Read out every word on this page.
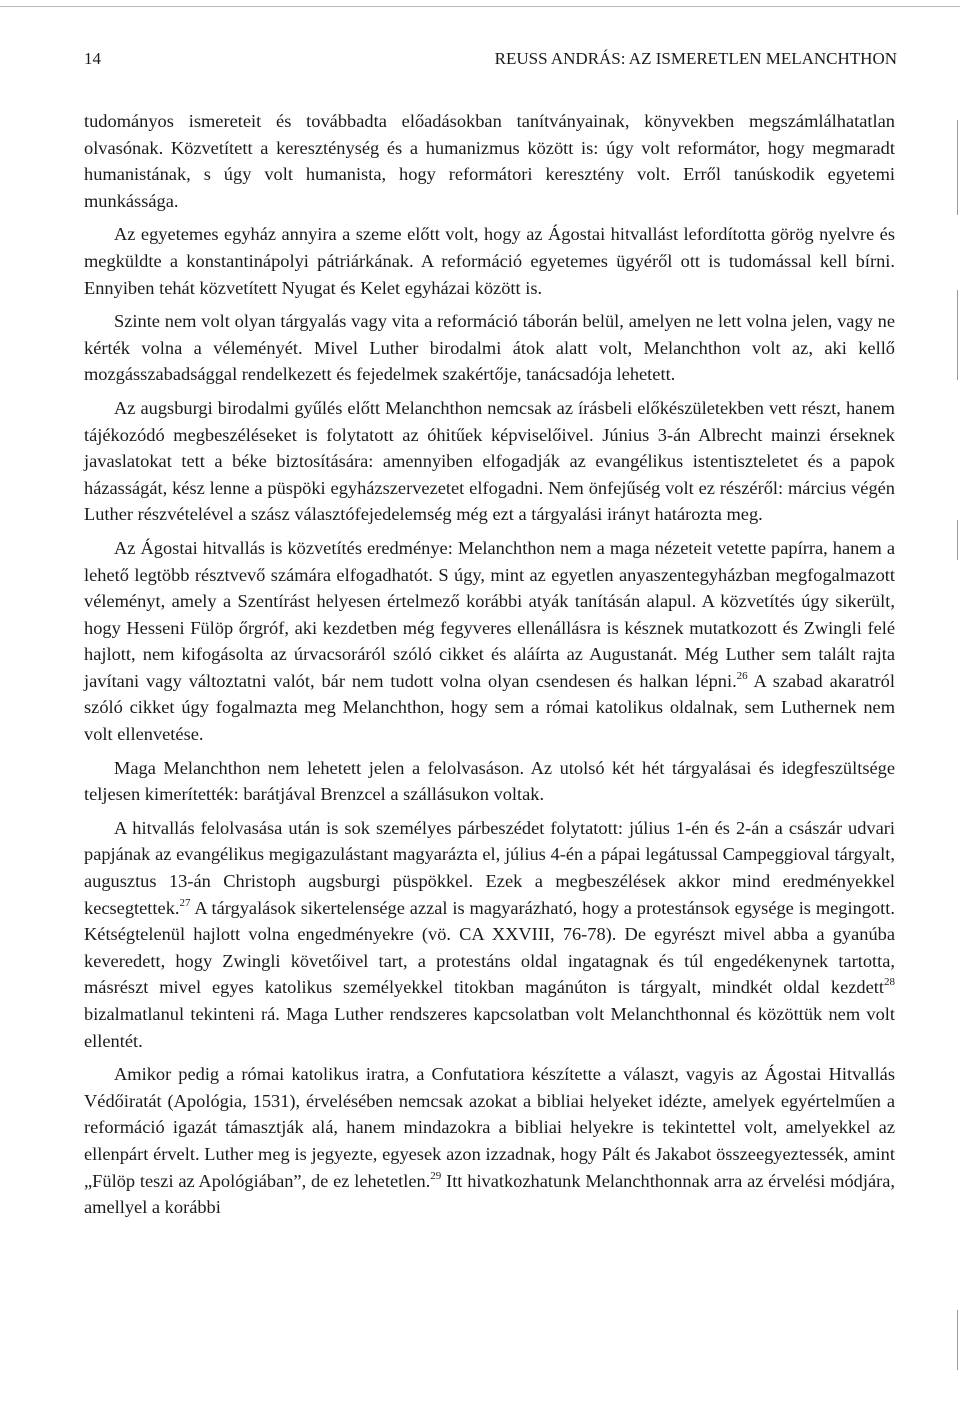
14	REUSS ANDRÁS: AZ ISMERETLEN MELANCHTHON

tudományos ismereteit és továbbadta előadásokban tanítványainak, könyvekben megszámlálhatatlan olvasónak. Közvetített a kereszténység és a humanizmus között is: úgy volt reformátor, hogy megmaradt humanistának, s úgy volt humanista, hogy reformátori keresztény volt. Erről tanúskodik egyetemi munkássága.

Az egyetemes egyház annyira a szeme előtt volt, hogy az Ágostai hitvallást lefordította görög nyelvre és megküldte a konstantinápolyi pátriárkának. A reformáció egyetemes ügyéről ott is tudomással kell bírni. Ennyiben tehát közvetített Nyugat és Kelet egyházai között is.

Szinte nem volt olyan tárgyalás vagy vita a reformáció táborán belül, amelyen ne lett volna jelen, vagy ne kérték volna a véleményét. Mivel Luther birodalmi átok alatt volt, Melanchthon volt az, aki kellő mozgásszabadsággal rendelkezett és fejedelmek szakértője, tanácsadója lehetett.

Az augsburgi birodalmi gyűlés előtt Melanchthon nemcsak az írásbeli előkészületekben vett részt, hanem tájékozódó megbeszéléseket is folytatott az óhitűek képviselőivel. Június 3-án Albrecht mainzi érseknek javaslatokat tett a béke biztosítására: amennyiben elfogadják az evangélikus istentiszteletet és a papok házasságát, kész lenne a püspöki egyházszervezetet elfogadni. Nem önfejűség volt ez részéről: március végén Luther részvételével a szász választófejedelemség még ezt a tárgyalási irányt határozta meg.

Az Ágostai hitvallás is közvetítés eredménye: Melanchthon nem a maga nézeteit vetette papírra, hanem a lehető legtöbb résztvevő számára elfogadhatót. S úgy, mint az egyetlen anyaszentegyházban megfogalmazott véleményt, amely a Szentírást helyesen értelmező korábbi atyák tanításán alapul. A közvetítés úgy sikerült, hogy Hesseni Fülöp őrgróf, aki kezdetben még fegyveres ellenállásra is késznek mutatkozott és Zwingli felé hajlott, nem kifogásolta az úrvacsoráról szóló cikket és aláírta az Augustanát. Még Luther sem talált rajta javítani vagy változtatni valót, bár nem tudott volna olyan csendesen és halkan lépni.$^{26}$ A szabad akaratról szóló cikket úgy fogalmazta meg Melanchthon, hogy sem a római katolikus oldalnak, sem Luthernek nem volt ellenvetése.

Maga Melanchthon nem lehetett jelen a felolvasáson. Az utolsó két hét tárgyalásai és idegfeszültsége teljesen kimerítették: barátjával Brenzcel a szállásukon voltak.

A hitvallás felolvasása után is sok személyes párbeszédet folytatott: július 1-én és 2-án a császár udvari papjának az evangélikus megigazulástant magyarázta el, július 4-én a pápai legátussal Campeggioval tárgyalt, augusztus 13-án Christoph augsburgi püspökkel. Ezek a megbeszélések akkor mind eredményekkel kecsegtettek.$^{27}$ A tárgyalások sikertelensége azzal is magyarázható, hogy a protestánsok egysége is megingott. Kétségtelenül hajlott volna engedményekre (vö. CA XXVIII, 76-78). De egyrészt mivel abba a gyanúba keveredett, hogy Zwingli követőivel tart, a protestáns oldal ingatagnak és túl engedékenynek tartotta, másrészt mivel egyes katolikus személyekkel titokban magánúton is tárgyalt, mindkét oldal kezdett$^{28}$ bizalmatlanul tekinteni rá. Maga Luther rendszeres kapcsolatban volt Melanchthonnal és közöttük nem volt ellentét.

Amikor pedig a római katolikus iratra, a Confutatiora készítette a választ, vagyis az Ágostai Hitvallás Védőiratát (Apológia, 1531), érvelésében nemcsak azokat a bibliai helyeket idézte, amelyek egyértelműen a reformáció igazát támasztják alá, hanem mindazokra a bibliai helyekre is tekintettel volt, amelyekkel az ellenpárt érvelt. Luther meg is jegyezte, egyesek azon izzadnak, hogy Pált és Jakabot összeegyeztessék, amint „Fülöp teszi az Apológiában”, de ez lehetetlen.$^{29}$ Itt hivatkozhatunk Melanchthonnak arra az érvelési módjára, amellyel a korábbi
